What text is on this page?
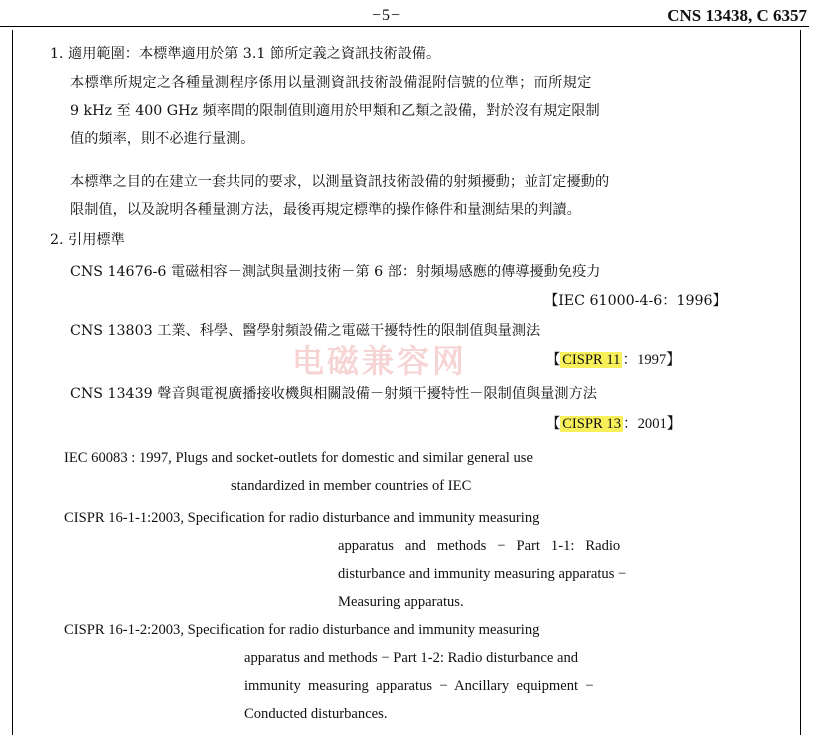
−5−	CNS 13438, C 6357
电磁兼容网
1. 適用範圍：本標準適用於第 3.1 節所定義之資訊技術設備。
本標準所規定之各種量測程序係用以量測資訊技術設備混附信號的位準；而所規定
9 kHz 至 400 GHz 頻率間的限制值則適用於甲類和乙類之設備，對於沒有規定限制
值的頻率，則不必進行量測。
本標準之目的在建立一套共同的要求，以測量資訊技術設備的射頻擾動；並訂定擾動的
限制值，以及說明各種量測方法，最後再規定標準的操作條件和量測結果的判讀。
2. 引用標準
CNS 14676-6 電磁相容－測試與量測技術－第 6 部：射頻場感應的傳導擾動免疫力
【IEC 61000-4-6：1996】
CNS 13803 工業、科學、醫學射頻設備之電磁干擾特性的限制值與量測法
【 CISPR 11 ：1997】
CNS 13439 聲音與電視廣播接收機與相關設備－射頻干擾特性－限制值與量測方法
【 CISPR 13 ：2001】
IEC 60083 : 1997, Plugs and socket-outlets for domestic and similar general use
standardized in member countries of IEC
CISPR 16-1-1:2003, Specification for radio disturbance and immunity measuring
apparatus   and   methods   −   Part   1-1:   Radio
disturbance and immunity measuring apparatus −
Measuring apparatus.
CISPR 16-1-2:2003, Specification for radio disturbance and immunity measuring
apparatus and methods − Part 1-2: Radio disturbance and
immunity  measuring  apparatus  −  Ancillary  equipment  −
Conducted disturbances.
